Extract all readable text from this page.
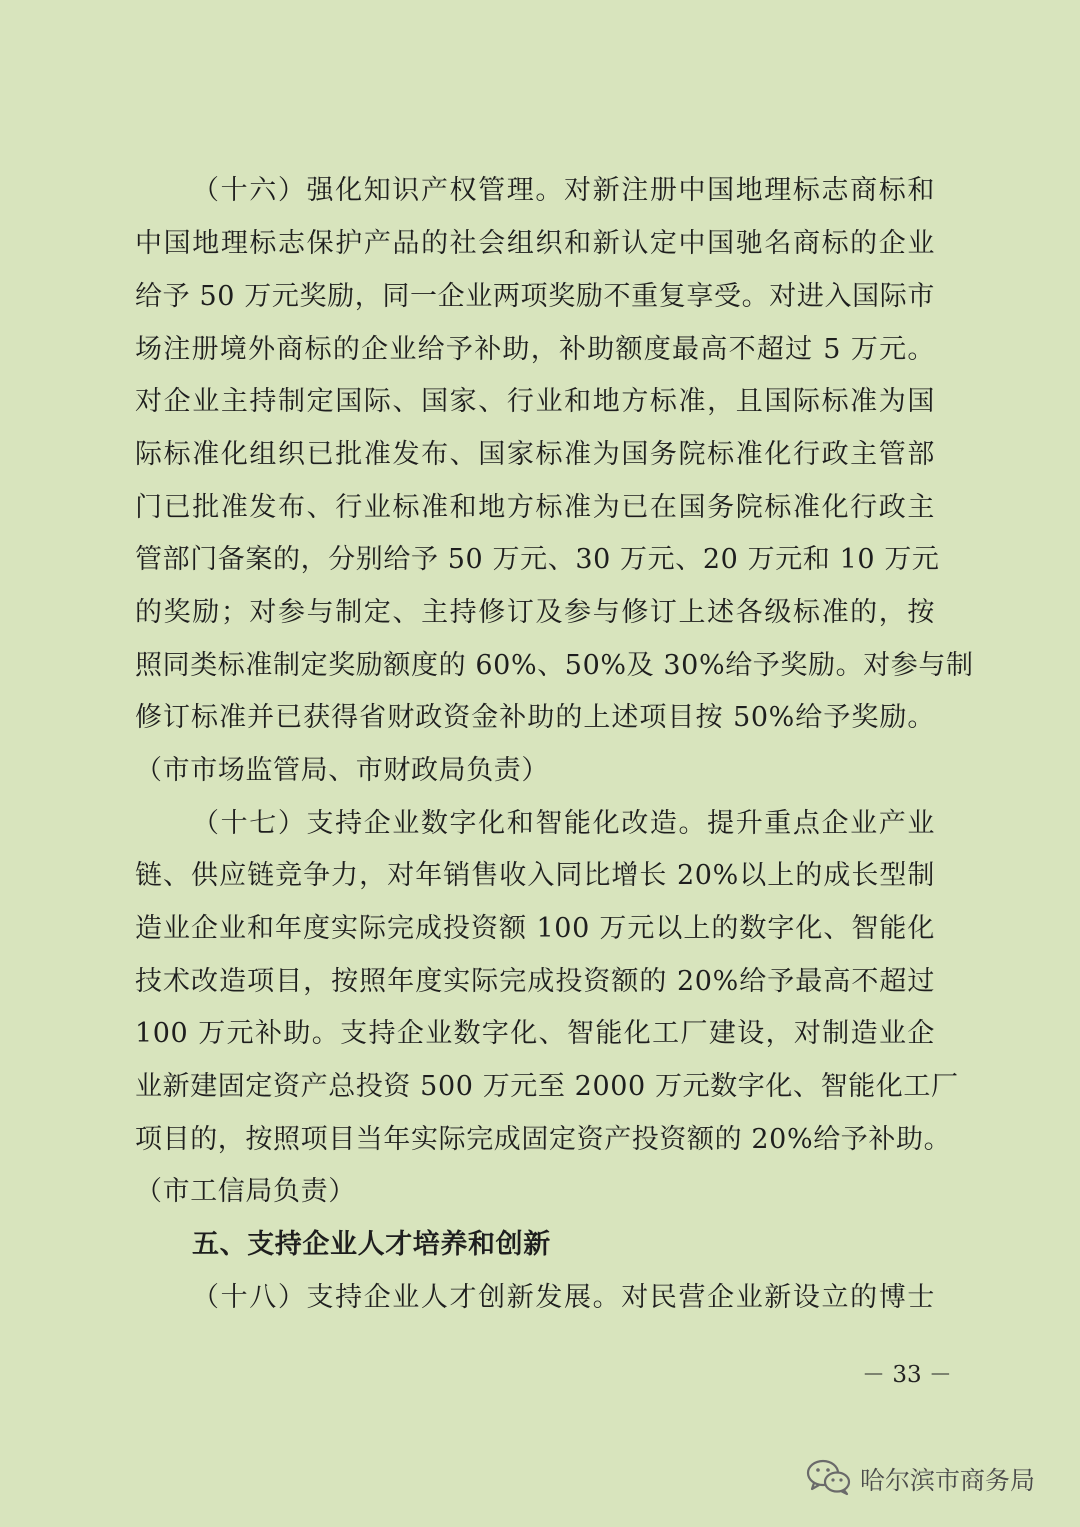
（十六）强化知识产权管理。对新注册中国地理标志商标和
中国地理标志保护产品的社会组织和新认定中国驰名商标的企业
给予 50 万元奖励，同一企业两项奖励不重复享受。对进入国际市
场注册境外商标的企业给予补助，补助额度最高不超过 5 万元。
对企业主持制定国际、国家、行业和地方标准，且国际标准为国
际标准化组织已批准发布、国家标准为国务院标准化行政主管部
门已批准发布、行业标准和地方标准为已在国务院标准化行政主
管部门备案的，分别给予 50 万元、30 万元、20 万元和 10 万元
的奖励；对参与制定、主持修订及参与修订上述各级标准的，按
照同类标准制定奖励额度的 60%、50%及 30%给予奖励。对参与制
修订标准并已获得省财政资金补助的上述项目按 50%给予奖励。
（市市场监管局、市财政局负责）
（十七）支持企业数字化和智能化改造。提升重点企业产业
链、供应链竞争力，对年销售收入同比增长 20%以上的成长型制
造业企业和年度实际完成投资额 100 万元以上的数字化、智能化
技术改造项目，按照年度实际完成投资额的 20%给予最高不超过
100 万元补助。支持企业数字化、智能化工厂建设，对制造业企
业新建固定资产总投资 500 万元至 2000 万元数字化、智能化工厂
项目的，按照项目当年实际完成固定资产投资额的 20%给予补助。
（市工信局负责）
五、支持企业人才培养和创新
（十八）支持企业人才创新发展。对民营企业新设立的博士
－ 33 －
哈尔滨市商务局
